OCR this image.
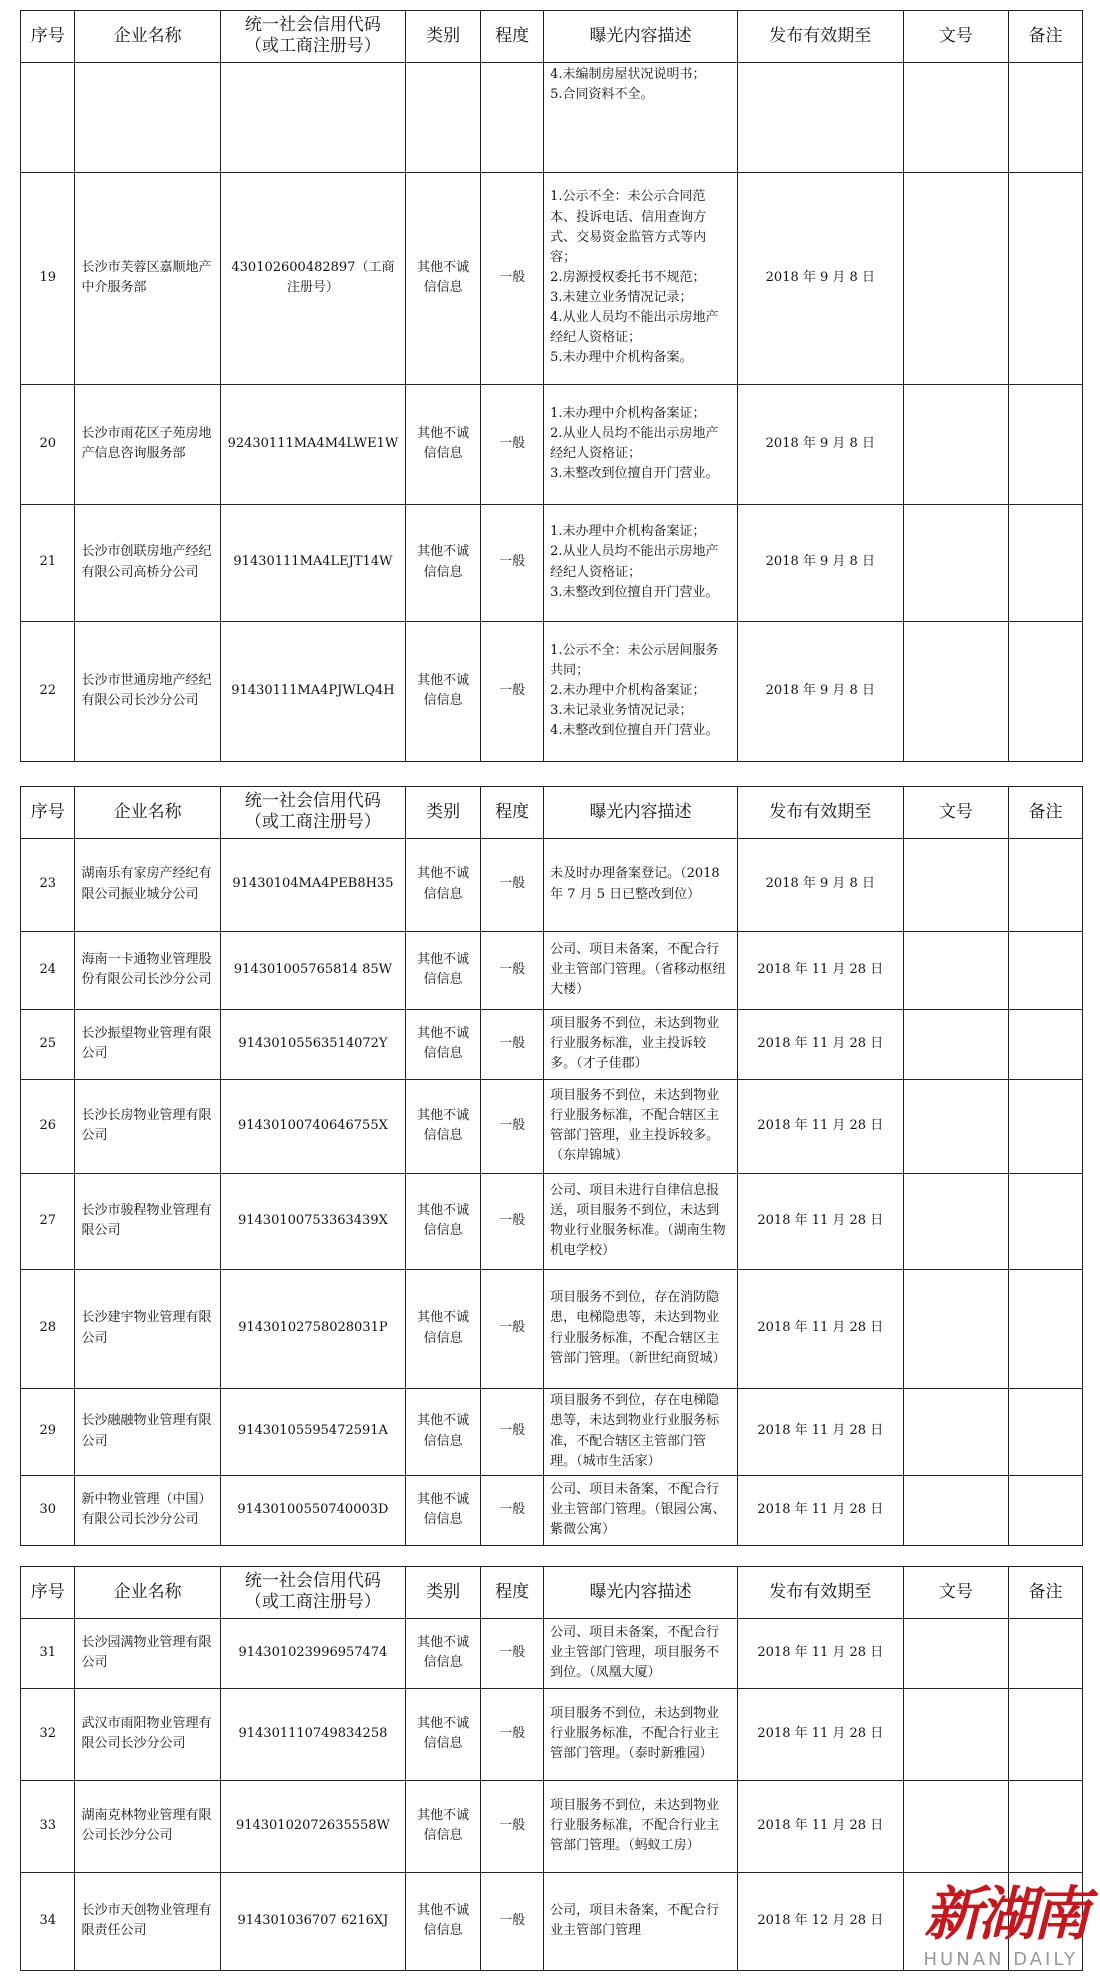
序号	企业名称	统一社会信用代码
（或工商注册号）	类别	程度	曝光内容描述	发布有效期至	文号	备注
					4.未编制房屋状况说明书；
5.合同资料不全。			
19	长沙市芙蓉区嘉顺地产中介服务部	430102600482897（工商注册号）	其他不诚信信息	一般	1.公示不全：未公示合同范本、投诉电话、信用查询方式、交易资金监管方式等内容；
2.房源授权委托书不规范；
3.未建立业务情况记录；
4.从业人员均不能出示房地产经纪人资格证；
5.未办理中介机构备案。	2018 年 9 月 8 日		
20	长沙市雨花区子苑房地产信息咨询服务部	92430111MA4M4LWE1W	其他不诚信信息	一般	1.未办理中介机构备案证；
2.从业人员均不能出示房地产经纪人资格证；
3.未整改到位擅自开门营业。	2018 年 9 月 8 日		
21	长沙市创联房地产经纪有限公司高桥分公司	91430111MA4LEJT14W	其他不诚信信息	一般	1.未办理中介机构备案证；
2.从业人员均不能出示房地产经纪人资格证；
3.未整改到位擅自开门营业。	2018 年 9 月 8 日		
22	长沙市世通房地产经纪有限公司长沙分公司	91430111MA4PJWLQ4H	其他不诚信信息	一般	1.公示不全：未公示居间服务共同；
2.未办理中介机构备案证；
3.未记录业务情况记录；
4.未整改到位擅自开门营业。	2018 年 9 月 8 日		
序号	企业名称	统一社会信用代码
（或工商注册号）	类别	程度	曝光内容描述	发布有效期至	文号	备注
23	湖南乐有家房产经纪有限公司振业城分公司	91430104MA4PEB8H35	其他不诚信信息	一般	未及时办理备案登记。（2018 年 7 月 5 日已整改到位）	2018 年 9 月 8 日		
24	海南一卡通物业管理股份有限公司长沙分公司	914301005765814 85W	其他不诚信信息	一般	公司、项目未备案，不配合行业主管部门管理。（省移动枢纽大楼）	2018 年 11 月 28 日		
25	长沙振望物业管理有限公司	91430105563514072Y	其他不诚信信息	一般	项目服务不到位，未达到物业行业服务标准，业主投诉较多。（才子佳郡）	2018 年 11 月 28 日		
26	长沙长房物业管理有限公司	91430100740646755X	其他不诚信信息	一般	项目服务不到位，未达到物业行业服务标准，不配合辖区主管部门管理，业主投诉较多。（东岸锦城）	2018 年 11 月 28 日		
27	长沙市骏程物业管理有限公司	91430100753363439X	其他不诚信信息	一般	公司、项目未进行自律信息报送，项目服务不到位，未达到物业行业服务标准。（湖南生物机电学校）	2018 年 11 月 28 日		
28	长沙建宇物业管理有限公司	91430102758028031P	其他不诚信信息	一般	项目服务不到位，存在消防隐患，电梯隐患等，未达到物业行业服务标准，不配合辖区主管部门管理。（新世纪商贸城）	2018 年 11 月 28 日		
29	长沙融融物业管理有限公司	91430105595472591A	其他不诚信信息	一般	项目服务不到位，存在电梯隐患等，未达到物业行业服务标准，不配合辖区主管部门管理。（城市生活家）	2018 年 11 月 28 日		
30	新中物业管理（中国）有限公司长沙分公司	91430100550740003D	其他不诚信信息	一般	公司、项目未备案，不配合行业主管部门管理。（银园公寓、紫微公寓）	2018 年 11 月 28 日		
序号	企业名称	统一社会信用代码
（或工商注册号）	类别	程度	曝光内容描述	发布有效期至	文号	备注
31	长沙园满物业管理有限公司	914301023996957474	其他不诚信信息	一般	公司、项目未备案，不配合行业主管部门管理，项目服务不到位。（凤凰大厦）	2018 年 11 月 28 日		
32	武汉市雨阳物业管理有限公司长沙分公司	914301110749834258	其他不诚信信息	一般	项目服务不到位，未达到物业行业服务标准，不配合行业主管部门管理。（泰时新雅园）	2018 年 11 月 28 日		
33	湖南克林物业管理有限公司长沙分公司	91430102072635558W	其他不诚信信息	一般	项目服务不到位，未达到物业行业服务标准，不配合行业主管部门管理。（蚂蚁工房）	2018 年 11 月 28 日		
34	长沙市天创物业管理有限责任公司	914301036707 6216XJ	其他不诚信信息	一般	公司，项目未备案，不配合行业主管部门管理	2018 年 12 月 28 日		新湖南
HUNAN DAILY
